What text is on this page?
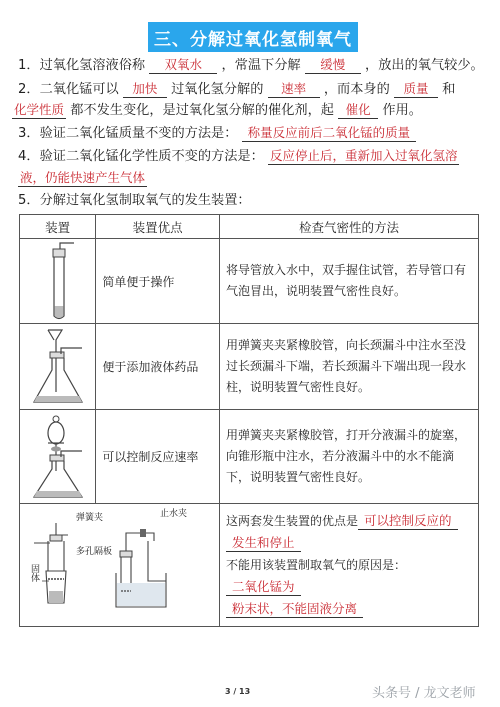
三、分解过氧化氢制氧气
1．过氧化氢溶液俗称 双氧水 ，常温下分解 缓慢 ，放出的氧气较少。
2．二氧化锰可以 加快 过氧化氢分解的 速率 ，而本身的 质量 和
化学性质 都不发生变化，是过氧化氢分解的催化剂，起 催化 作用。
3．验证二氧化锰质量不变的方法是： 称量反应前后二氧化锰的质量
4．验证二氧化锰化学性质不变的方法是： 反应停止后，重新加入过氧化氢溶
液，仍能快速产生气体
5．分解过氧化氢制取氧气的发生装置：
装置	装置优点	检查气密性的方法

	简单便于操作	将导管放入水中，双手握住试管，若导管口有气泡冒出，说明装置气密性良好。

	便于添加液体药品	用弹簧夹夹紧橡胶管，向长颈漏斗中注水至没过长颈漏斗下端，若长颈漏斗下端出现一段水柱，说明装置气密性良好。

	可以控制反应速率	用弹簧夹夹紧橡胶管，打开分液漏斗的旋塞，向锥形瓶中注水，若分液漏斗中的水不能滴下，说明装置气密性良好。

弹簧夹
多孔隔板
固体
止水夹		这两套发生装置的优点是 可以控制反应的
发生和停止
不能用该装置制取氧气的原因是：二氧化锰为
粉末状，不能固液分离
3 / 13	头条号 / 龙文老师
